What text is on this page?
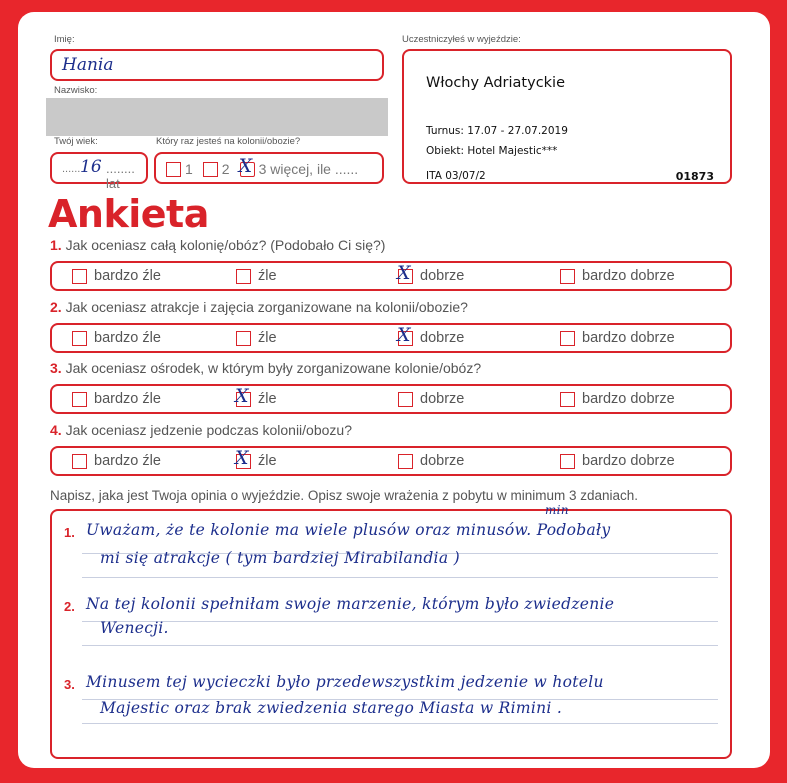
Imię:
Hania
Nazwisko:
Twój wiek:
...... 16 ........ lat
Który raz jesteś na kolonii/obozie?
1 2 X 3 więcej, ile ......
Uczestniczyłeś w wyjeździe:
Włochy Adriatyckie
Turnus: 17.07 - 27.07.2019
Obiekt: Hotel Majestic***
ITA 03/07/2	01873
Ankieta
1. Jak oceniasz całą kolonię/obóz? (Podobało Ci się?)
bardzo źle	źle	X dobrze	bardzo dobrze
2. Jak oceniasz atrakcje i zajęcia zorganizowane na kolonii/obozie?
bardzo źle	źle	X dobrze	bardzo dobrze
3. Jak oceniasz ośrodek, w którym były zorganizowane kolonie/obóz?
bardzo źle	X źle	dobrze	bardzo dobrze
4. Jak oceniasz jedzenie podczas kolonii/obozu?
bardzo źle	X źle	dobrze	bardzo dobrze
Napisz, jaka jest Twoja opinia o wyjeździe. Opisz swoje wrażenia z pobytu w minimum 3 zdaniach.
1. Uważam, że te kolonie ma wiele plusów oraz minusów. Podobały
min
mi się atrakcje ( tym bardziej Mirabilandia )
2. Na tej kolonii spełniłam swoje marzenie, którym było zwiedzenie
Wenecji.
3. Minusem tej wycieczki było przedewszystkim jedzenie w hotelu
Majestic oraz brak zwiedzenia starego Miasta w Rimini .
